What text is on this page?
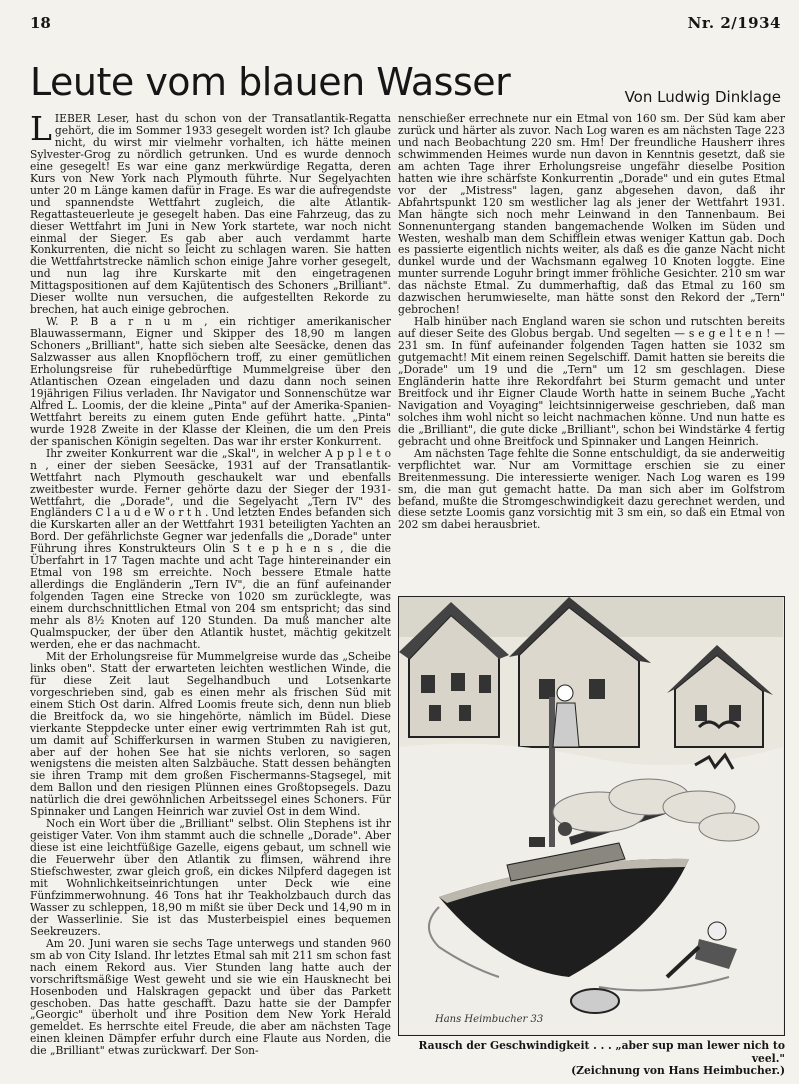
18	Nr. 2/1934
Leute vom blauen Wasser	Von Ludwig Dinklage

LIEBER Leser, hast du schon von der Transatlantik-Regatta gehört, die im Sommer 1933 gesegelt worden ist? Ich glaube nicht, du wirst mir vielmehr vorhalten, ich hätte meinen Sylvester-Grog zu nördlich getrunken. Und es wurde dennoch eine gesegelt! Es war eine ganz merkwürdige Regatta, deren Kurs von New York nach Plymouth führte. Nur Segelyachten unter 20 m Länge kamen dafür in Frage. Es war die aufregendste und spannendste Wettfahrt zugleich, die alte Atlantik-Regattasteuerleute je gesegelt haben. Das eine Fahrzeug, das zu dieser Wettfahrt im Juni in New York startete, war noch nicht einmal der Sieger. Es gab aber auch verdammt harte Konkurrenten, die nicht so leicht zu schlagen waren. Sie hatten die Wettfahrtstrecke nämlich schon einige Jahre vorher gesegelt, und nun lag ihre Kurskarte mit den eingetragenen Mittagspositionen auf dem Kajütentisch des Schoners „Brilliant". Dieser wollte nun versuchen, die aufgestellten Rekorde zu brechen, hat auch einige gebrochen.

W. P. B a r n u m , ein richtiger amerikanischer Blauwassermann, Eigner und Skipper des 18,90 m langen Schoners „Brilliant", hatte sich sieben alte Seesäcke, denen das Salzwasser aus allen Knopflöchern troff, zu einer gemütlichen Erholungsreise für ruhebedürftige Mummelgreise über den Atlantischen Ozean eingeladen und dazu dann noch seinen 19jährigen Filius verladen. Ihr Navigator und Sonnenschütze war Alfred L. Loomis, der die kleine „Pinta" auf der Amerika-Spanien-Wettfahrt bereits zu einem guten Ende geführt hatte. „Pinta" wurde 1928 Zweite in der Klasse der Kleinen, die um den Preis der spanischen Königin segelten. Das war ihr erster Konkurrent.

Ihr zweiter Konkurrent war die „Skal", in welcher A p p l e t o n , einer der sieben Seesäcke, 1931 auf der Transatlantik-Wettfahrt nach Plymouth geschaukelt war und ebenfalls zweitbester wurde. Ferner gehörte dazu der Sieger der 1931-Wettfahrt, die „Dorade", und die Segelyacht „Tern IV" des Engländers C l a u d e W o r t h . Und letzten Endes befanden sich die Kurskarten aller an der Wettfahrt 1931 beteiligten Yachten an Bord. Der gefährlichste Gegner war jedenfalls die „Dorade" unter Führung ihres Konstrukteurs Olin S t e p h e n s , die die Überfahrt in 17 Tagen machte und acht Tage hintereinander ein Etmal von 198 sm erreichte. Noch bessere Etmale hatte allerdings die Engländerin „Tern IV", die an fünf aufeinander folgenden Tagen eine Strecke von 1020 sm zurücklegte, was einem durchschnittlichen Etmal von 204 sm entspricht; das sind mehr als 8½ Knoten auf 120 Stunden. Da muß mancher alte Qualmspucker, der über den Atlantik hustet, mächtig gekitzelt werden, ehe er das nachmacht.

Mit der Erholungsreise für Mummelgreise wurde das „Scheibe links oben". Statt der erwarteten leichten westlichen Winde, die für diese Zeit laut Segelhandbuch und Lotsenkarte vorgeschrieben sind, gab es einen mehr als frischen Süd mit einem Stich Ost darin. Alfred Loomis freute sich, denn nun blieb die Breitfock da, wo sie hingehörte, nämlich im Büdel. Diese vierkante Steppdecke unter einer ewig vertrimmten Rah ist gut, um damit auf Schifferkursen in warmen Stuben zu navigieren, aber auf der hohen See hat sie nichts verloren, so sagen wenigstens die meisten alten Salzbäuche. Statt dessen behängten sie ihren Tramp mit dem großen Fischermanns-Stagsegel, mit dem Ballon und den riesigen Plünnen eines Großtopsegels. Dazu natürlich die drei gewöhnlichen Arbeitssegel eines Schoners. Für Spinnaker und Langen Heinrich war zuviel Ost in dem Wind.

Noch ein Wort über die „Brilliant" selbst. Olin Stephens ist ihr geistiger Vater. Von ihm stammt auch die schnelle „Dorade". Aber diese ist eine leichtfüßige Gazelle, eigens gebaut, um schnell wie die Feuerwehr über den Atlantik zu flimsen, während ihre Stiefschwester, zwar gleich groß, ein dickes Nilpferd dagegen ist mit Wohnlichkeitseinrichtungen unter Deck wie eine Fünfzimmerwohnung. 46 Tons hat ihr Teakholzbauch durch das Wasser zu schleppen, 18,90 m mißt sie über Deck und 14,90 m in der Wasserlinie. Sie ist das Musterbeispiel eines bequemen Seekreuzers.

Am 20. Juni waren sie sechs Tage unterwegs und standen 960 sm ab von City Island. Ihr letztes Etmal sah mit 211 sm schon fast nach einem Rekord aus. Vier Stunden lang hatte auch der vorschriftsmäßige West geweht und sie wie ein Hausknecht bei Hosenboden und Halskragen gepackt und über das Parkett geschoben. Das hatte geschafft. Dazu hatte sie der Dampfer „Georgic" überholt und ihre Position dem New York Herald gemeldet. Es herrschte eitel Freude, die aber am nächsten Tage einen kleinen Dämpfer erfuhr durch eine Flaute aus Norden, die die „Brilliant" etwas zurückwarf. Der Son-

nenschießer errechnete nur ein Etmal von 160 sm. Der Süd kam aber zurück und härter als zuvor. Nach Log waren es am nächsten Tage 223 und nach Beobachtung 220 sm. Hm! Der freundliche Hausherr ihres schwimmenden Heimes wurde nun davon in Kenntnis gesetzt, daß sie am achten Tage ihrer Erholungsreise ungefähr dieselbe Position hatten wie ihre schärfste Konkurrentin „Dorade" und ein gutes Etmal vor der „Mistress" lagen, ganz abgesehen davon, daß ihr Abfahrtspunkt 120 sm westlicher lag als jener der Wettfahrt 1931. Man hängte sich noch mehr Leinwand in den Tannenbaum. Bei Sonnenuntergang standen bangemachende Wolken im Süden und Westen, weshalb man dem Schifflein etwas weniger Kattun gab. Doch es passierte eigentlich nichts weiter, als daß es die ganze Nacht nicht dunkel wurde und der Wachsmann egalweg 10 Knoten loggte. Eine munter surrende Loguhr bringt immer fröhliche Gesichter. 210 sm war das nächste Etmal. Zu dummerhaftig, daß das Etmal zu 160 sm dazwischen herumwieselte, man hätte sonst den Rekord der „Tern" gebrochen!

Halb hinüber nach England waren sie schon und rutschten bereits auf dieser Seite des Globus bergab. Und segelten — s e g e l t e n ! — 231 sm. In fünf aufeinander folgenden Tagen hatten sie 1032 sm gutgemacht! Mit einem reinen Segelschiff. Damit hatten sie bereits die „Dorade" um 19 und die „Tern" um 12 sm geschlagen. Diese Engländerin hatte ihre Rekordfahrt bei Sturm gemacht und unter Breitfock und ihr Eigner Claude Worth hatte in seinem Buche „Yacht Navigation and Voyaging" leichtsinnigerweise geschrieben, daß man solches ihm wohl nicht so leicht nachmachen könne. Und nun hatte es die „Brilliant", die gute dicke „Brilliant", schon bei Windstärke 4 fertig gebracht und ohne Breitfock und Spinnaker und Langen Heinrich.

Am nächsten Tage fehlte die Sonne entschuldigt, da sie anderweitig verpflichtet war. Nur am Vormittage erschien sie zu einer Breitenmessung. Die interessierte weniger. Nach Log waren es 199 sm, die man gut gemacht hatte. Da man sich aber im Golfstrom befand, mußte die Stromgeschwindigkeit dazu gerechnet werden, und diese setzte Loomis ganz vorsichtig mit 3 sm ein, so daß ein Etmal von 202 sm dabei herausbriet.

Hans Heimbucher 33
Rausch der Geschwindigkeit . . . „aber sup man lewer nich to veel."
(Zeichnung von Hans Heimbucher.)
